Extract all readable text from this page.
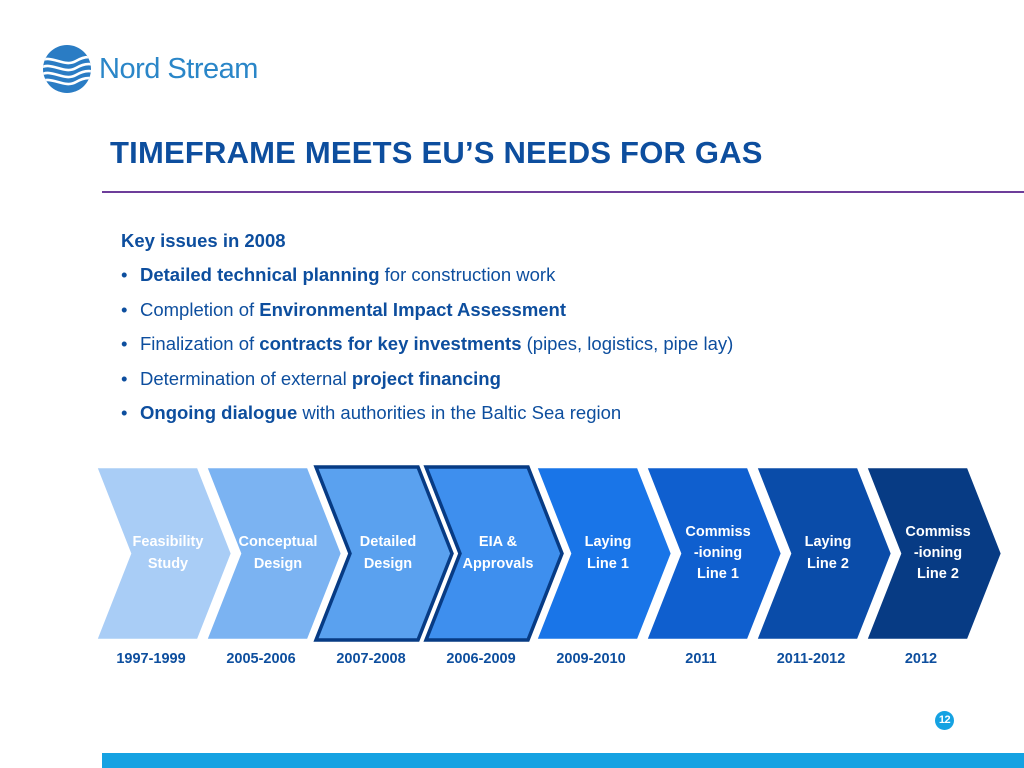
Nord Stream
TIMEFRAME MEETS EU’S NEEDS FOR GAS
Key issues in 2008
• Detailed technical planning for construction work
• Completion of Environmental Impact Assessment
• Finalization of contracts for key investments (pipes, logistics, pipe lay)
• Determination of external project financing
• Ongoing dialogue with authorities in the Baltic Sea region
Feasibility
Study
1997-1999
Conceptual
Design
2005-2006
Detailed
Design
2007-2008
EIA &
Approvals
2006-2009
Laying
Line 1
2009-2010
Commiss
-ioning
Line 1
2011
Laying
Line 2
2011-2012
Commiss
-ioning
Line 2
2012
12
